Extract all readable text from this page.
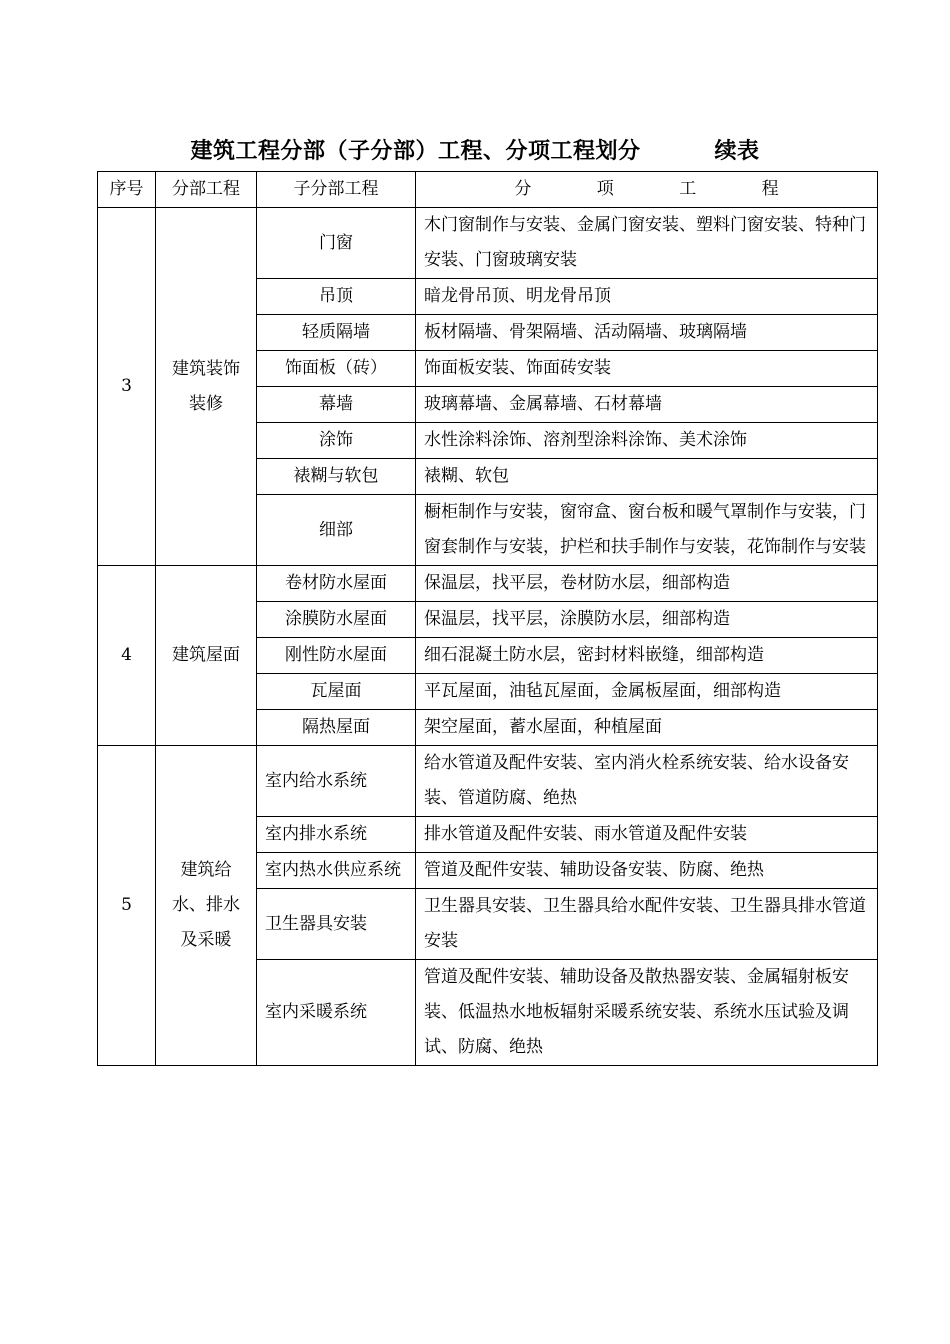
建筑工程分部（子分部）工程、分项工程划分	续表
序号	分部工程	子分部工程	分 项 工 程
3	建筑装饰装修	门窗	木门窗制作与安装、金属门窗安装、塑料门窗安装、特种门安装、门窗玻璃安装
		吊顶	暗龙骨吊顶、明龙骨吊顶
		轻质隔墙	板材隔墙、骨架隔墙、活动隔墙、玻璃隔墙
		饰面板（砖）	饰面板安装、饰面砖安装
		幕墙	玻璃幕墙、金属幕墙、石材幕墙
		涂饰	水性涂料涂饰、溶剂型涂料涂饰、美术涂饰
		裱糊与软包	裱糊、软包
		细部	橱柜制作与安装，窗帘盒、窗台板和暖气罩制作与安装，门窗套制作与安装，护栏和扶手制作与安装，花饰制作与安装
4	建筑屋面	卷材防水屋面	保温层，找平层，卷材防水层，细部构造
		涂膜防水屋面	保温层，找平层，涂膜防水层，细部构造
		刚性防水屋面	细石混凝土防水层，密封材料嵌缝，细部构造
		瓦屋面	平瓦屋面，油毡瓦屋面，金属板屋面，细部构造
		隔热屋面	架空屋面，蓄水屋面，种植屋面
5	建筑给水、排水及采暖	室内给水系统	给水管道及配件安装、室内消火栓系统安装、给水设备安装、管道防腐、绝热
		室内排水系统	排水管道及配件安装、雨水管道及配件安装
		室内热水供应系统	管道及配件安装、辅助设备安装、防腐、绝热
		卫生器具安装	卫生器具安装、卫生器具给水配件安装、卫生器具排水管道安装
		室内采暖系统	管道及配件安装、辅助设备及散热器安装、金属辐射板安装、低温热水地板辐射采暖系统安装、系统水压试验及调试、防腐、绝热
